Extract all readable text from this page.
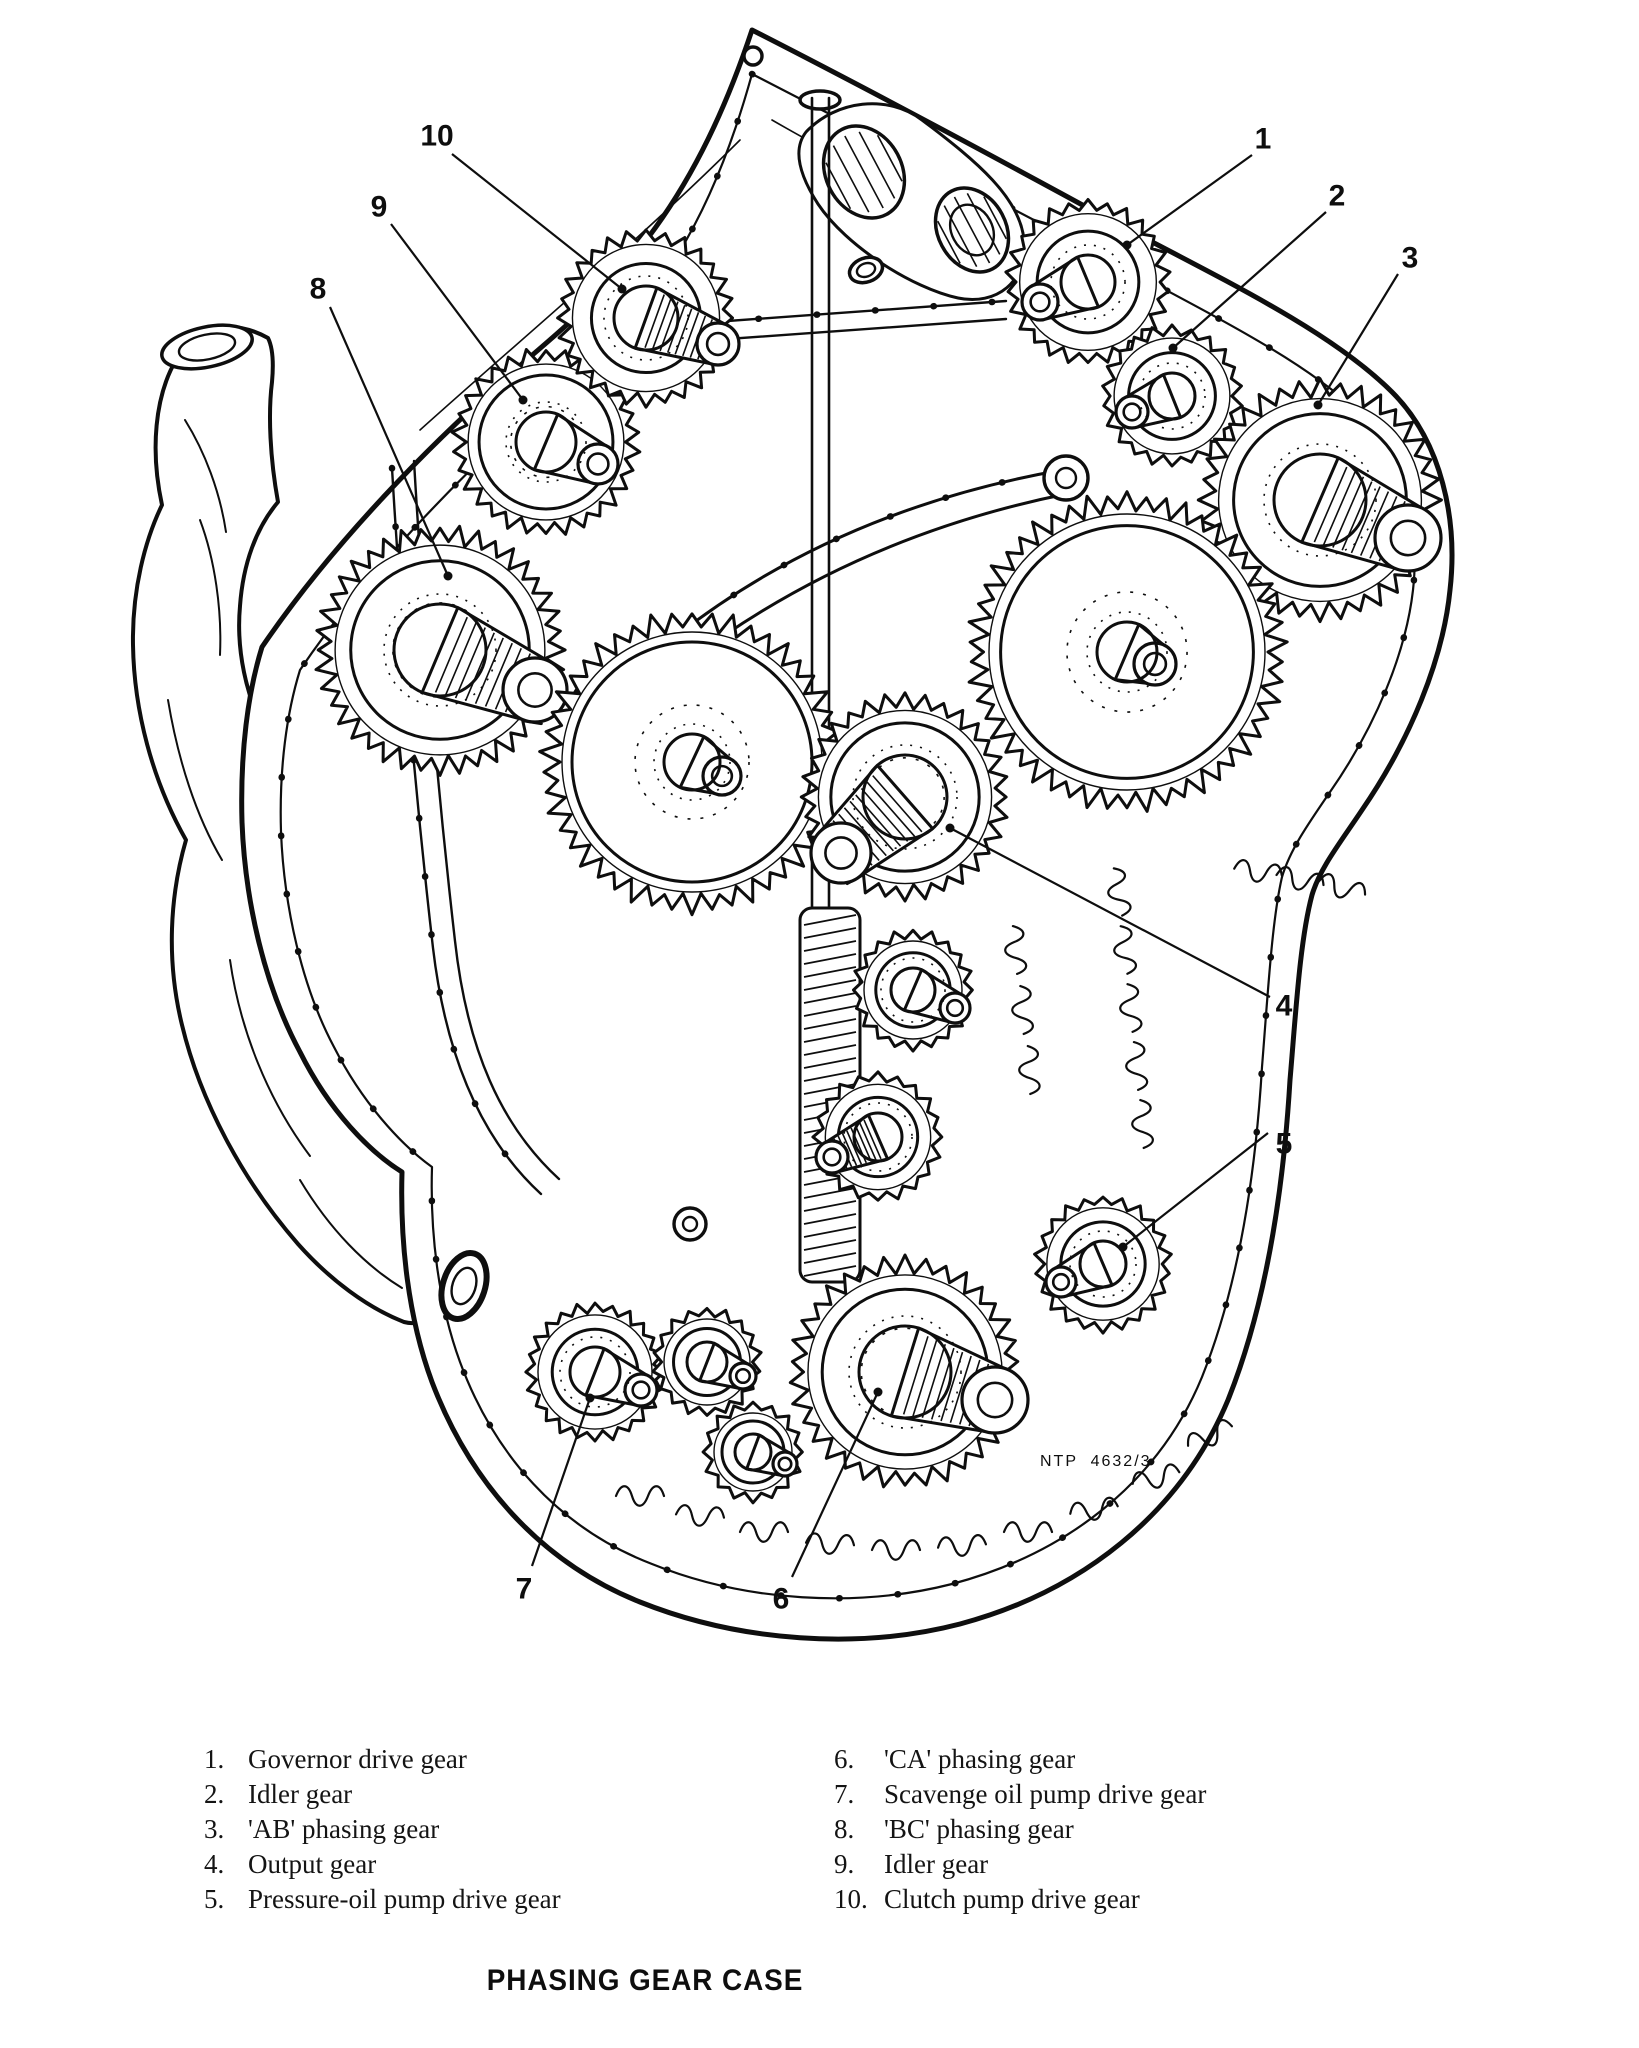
1
2
3
4
5
6
7
8
9
10
NTP  4632/3
1. Governor drive gear
2. Idler gear
3. 'AB' phasing gear
4. Output gear
5. Pressure-oil pump drive gear
6. 'CA' phasing gear
7. Scavenge oil pump drive gear
8. 'BC' phasing gear
9. Idler gear
10. Clutch pump drive gear
PHASING GEAR CASE
